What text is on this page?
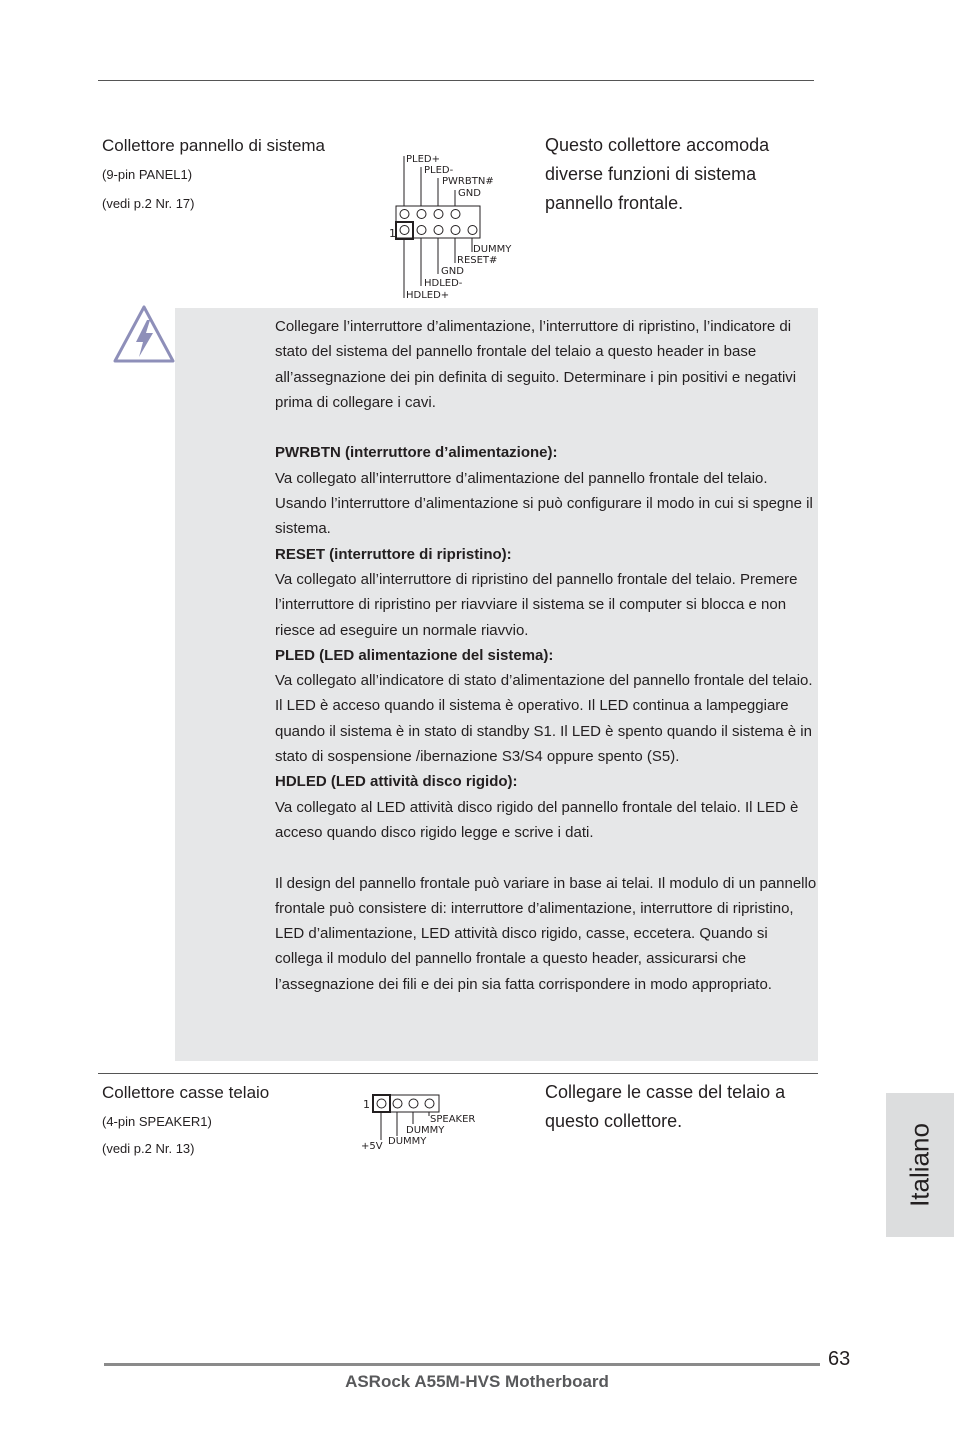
Collettore pannello di sistema
(9-pin PANEL1)
(vedi p.2 Nr. 17)
PLED+
PLED-
PWRBTN#
GND
1
DUMMY
RESET#
GND
HDLED-
HDLED+
Questo collettore accomoda diverse funzioni di sistema pannello frontale.

Collegare l’interruttore d’alimentazione, l’interruttore di ripristino, l’indicatore di stato del sistema del pannello frontale del telaio a questo header in base all’assegnazione dei pin definita di seguito. Determinare i pin positivi e negativi prima di collegare i cavi.

PWRBTN (interruttore d’alimentazione):

Va collegato all’interruttore d’alimentazione del pannello frontale del telaio. Usando l’interruttore d’alimentazione si può configurare il modo in cui si spegne il sistema.

RESET (interruttore di ripristino):

Va collegato all’interruttore di ripristino del pannello frontale del telaio. Premere l’interruttore di ripristino per riavviare il sistema se il computer si blocca e non riesce ad eseguire un normale riavvio.

PLED (LED alimentazione del sistema):

Va collegato all’indicatore di stato d’alimentazione del pannello frontale del telaio. Il LED è acceso quando il sistema è operativo. Il LED continua a lampeggiare quando il sistema è in stato di standby S1. Il LED è spento quando il sistema è in stato di sospensione /ibernazione S3/S4 oppure spento (S5).

HDLED (LED attività disco rigido):

Va collegato al LED attività disco rigido del pannello frontale del telaio. Il LED è acceso quando disco rigido legge e scrive i dati.

Il design del pannello frontale può variare in base ai telai. Il modulo di un pannello frontale può consistere di: interruttore d’alimentazione, interruttore di ripristino, LED d’alimentazione, LED attività disco rigido, casse, eccetera. Quando si collega il modulo del pannello frontale a questo header, assicurarsi che l’assegnazione dei fili e dei pin sia fatta corrispondere in modo appropriato.

Collettore casse telaio
(4-pin SPEAKER1)
(vedi p.2 Nr. 13)
1
SPEAKER
DUMMY
+5V DUMMY
Collegare le casse del telaio a questo collettore.
Italiano
63
ASRock A55M-HVS Motherboard
